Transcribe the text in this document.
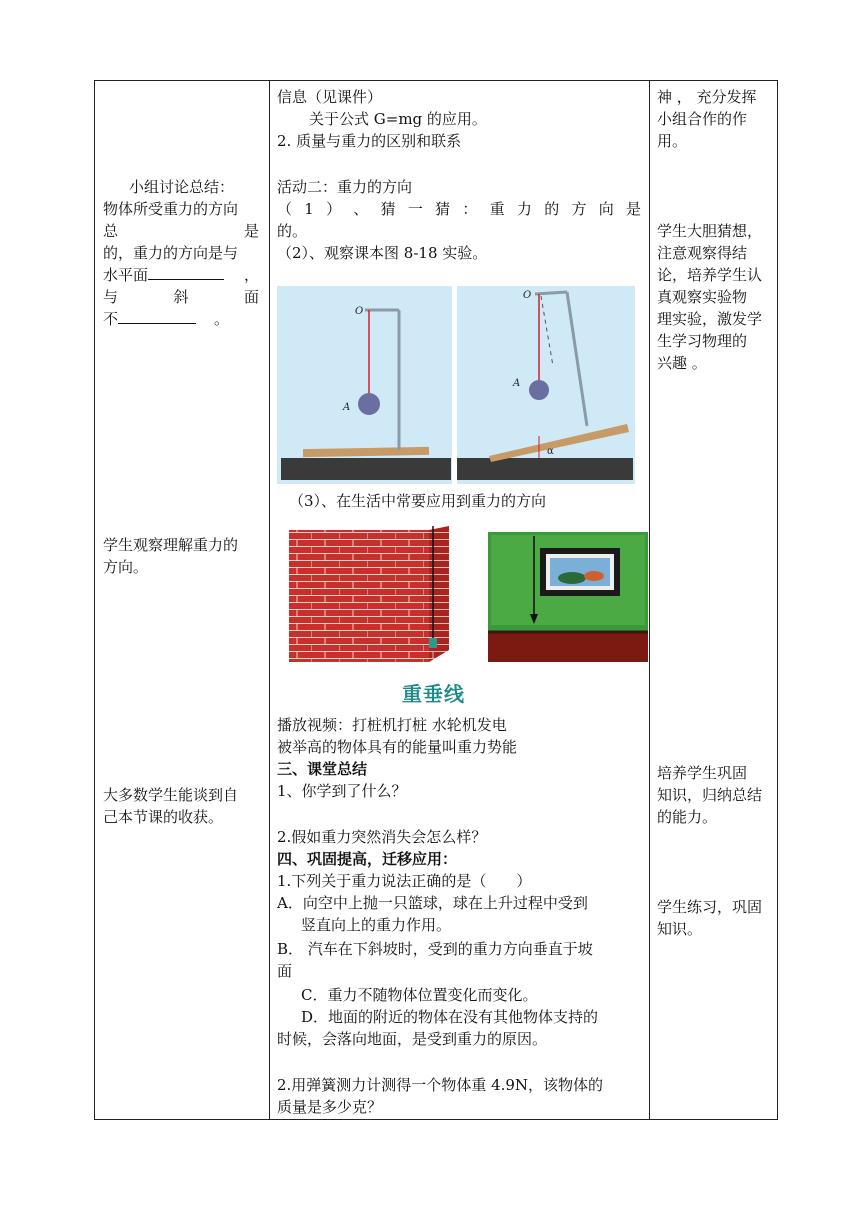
小组讨论总结：
物体所受重力的方向
总	是
的，重力的方向是与
水平面	，
与	斜	面
不	。
学生观察理解重力的
方向。
大多数学生能谈到自
己本节课的收获。
信息（见课件）
关于公式 G=mg 的应用。
2. 质量与重力的区别和联系
活动二：重力的方向
（ 1 ） 、 猜 一 猜 ： 重 力 的 方 向 是
的。
（2）、观察课本图 8-18 实验。
O
A
O
A
α
（3）、在生活中常要应用到重力的方向
重垂线
播放视频：打桩机打桩 水轮机发电
被举高的物体具有的能量叫重力势能
三、课堂总结
1、你学到了什么？
2.假如重力突然消失会怎么样？
四、巩固提高，迁移应用：
1.下列关于重力说法正确的是（　　）
A．向空中上抛一只篮球，球在上升过程中受到
竖直向上的重力作用。
B． 汽车在下斜坡时，受到的重力方向垂直于坡
面
C．重力不随物体位置变化而变化。
D．地面的附近的物体在没有其他物体支持的
时候，会落向地面，是受到重力的原因。
2.用弹簧测力计测得一个物体重 4.9N，该物体的
质量是多少克？
神 ， 充分发挥
小组合作的作
用。
学生大胆猜想，
注意观察得结
论，培养学生认
真观察实验物
理实验，激发学
生学习物理的
兴趣 。
培养学生巩固
知识，归纳总结
的能力。
学生练习，巩固
知识。
